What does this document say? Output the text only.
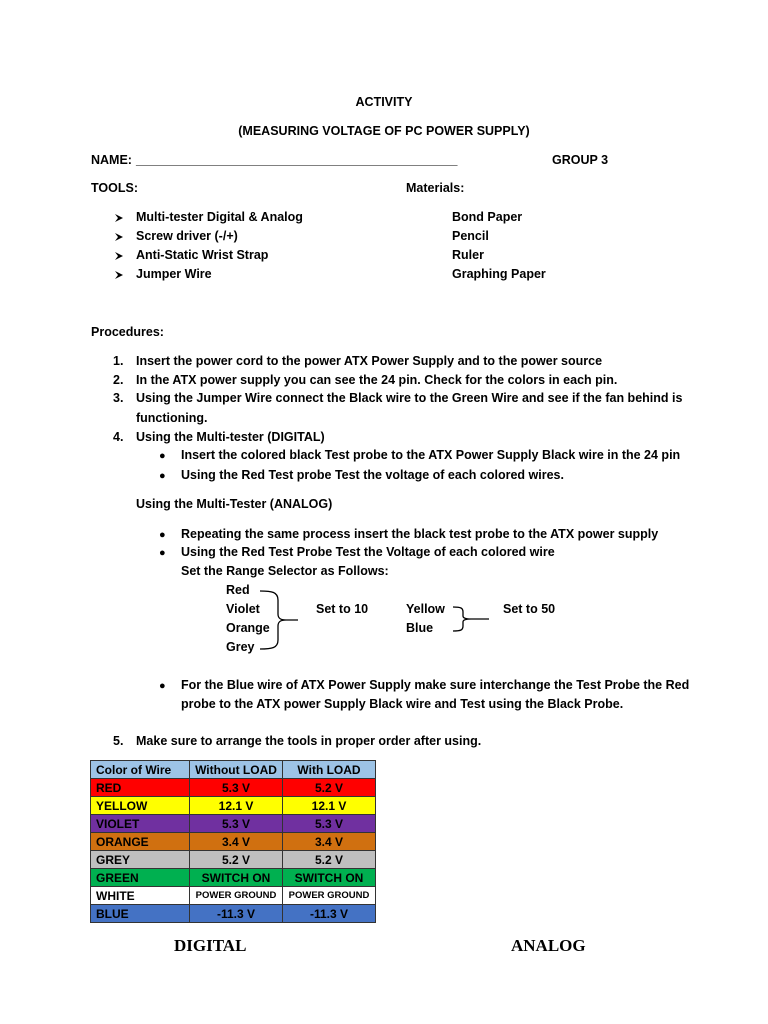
ACTIVITY
(MEASURING VOLTAGE OF PC POWER SUPPLY)
NAME: _________________________________________________	GROUP 3
TOOLS:	Materials:
Multi-tester Digital & Analog
Screw driver (-/+)
Anti-Static Wrist Strap
Jumper Wire
Bond Paper
Pencil
Ruler
Graphing Paper
Procedures:
1. Insert the power cord to the power ATX Power Supply and to the power source
2. In the ATX power supply you can see the 24 pin. Check for the colors in each pin.
3. Using the Jumper Wire connect the Black wire to the Green Wire and see if the fan behind is
functioning.
4. Using the Multi-tester (DIGITAL)
● Insert the colored black Test probe to the ATX Power Supply Black wire in the 24 pin
● Using the Red Test probe Test the voltage of each colored wires.
Using the Multi-Tester (ANALOG)
● Repeating the same process insert the black test probe to the ATX power supply
● Using the Red Test Probe Test the Voltage of each colored wire
Set the Range Selector as Follows:
Red
Violet
Orange
Grey
Set to 10	Yellow
Blue
Set to 50
● For the Blue wire of ATX Power Supply make sure interchange the Test Probe the Red
probe to the ATX power Supply Black wire and Test using the Black Probe.
5. Make sure to arrange the tools in proper order after using.
Color of Wire	Without LOAD	With LOAD
RED	5.3 V	5.2 V
YELLOW	12.1 V	12.1 V
VIOLET	5.3 V	5.3 V
ORANGE	3.4 V	3.4 V
GREY	5.2 V	5.2 V
GREEN	SWITCH ON	SWITCH ON
WHITE	POWER GROUND	POWER GROUND
BLUE	-11.3 V	-11.3 V
DIGITAL	ANALOG
